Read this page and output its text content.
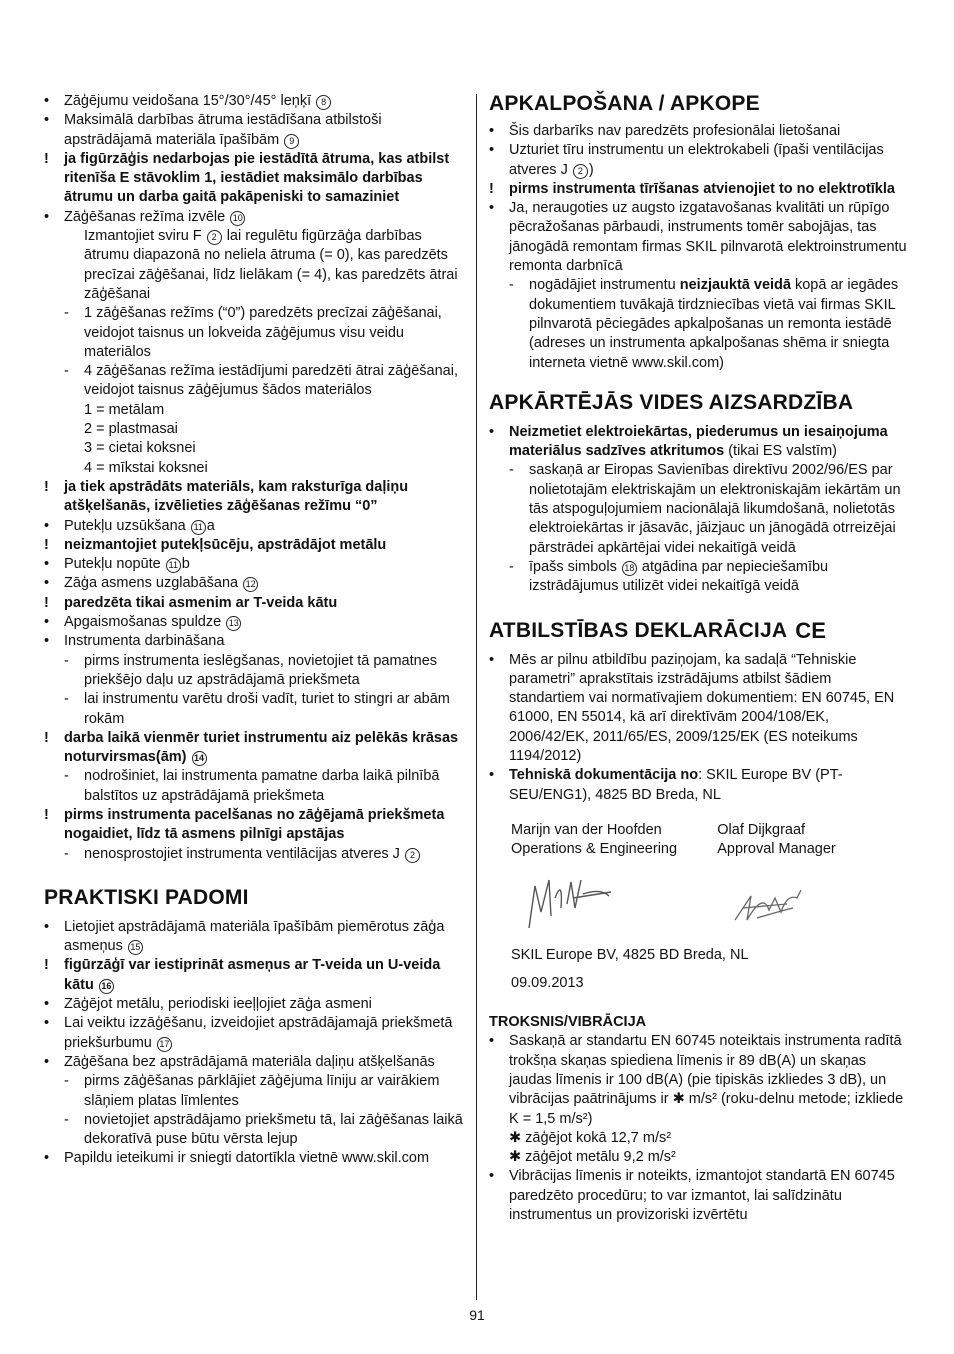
•	Zāģējumu veidošana 15°/30°/45° leņķī 8
•	Maksimālā darbības ātruma iestādīšana atbilstoši apstrādājamā materiāla īpašībām 9
!	ja figūrzāģis nedarbojas pie iestādītā ātruma, kas atbilst ritenīša E stāvoklim 1, iestādiet maksimālo darbības ātrumu un darba gaitā pakāpeniski to samaziniet
•	Zāģēšanas režīma izvēle 10
Izmantojiet sviru F 2 lai regulētu figūrzāģa darbības ātrumu diapazonā no neliela ātruma (= 0), kas paredzēts precīzai zāģēšanai, līdz lielākam (= 4), kas paredzēts ātrai zāģēšanai
-	1 zāģēšanas režīms (“0”) paredzēts precīzai zāģēšanai, veidojot taisnus un lokveida zāģējumus visu veidu materiālos
-	4 zāģēšanas režīma iestādījumi paredzēti ātrai zāģēšanai, veidojot taisnus zāģējumus šādos materiālos
1 = metālam
2 = plastmasai
3 = cietai koksnei
4 = mīkstai koksnei
!	ja tiek apstrādāts materiāls, kam raksturīga daļiņu atšķelšanās, izvēlieties zāģēšanas režīmu “0”
•	Putekļu uzsūkšana 11 a
!	neizmantojiet putekļsūcēju, apstrādājot metālu
•	Putekļu nopūte 11 b
•	Zāģa asmens uzglabāšana 12
!	paredzēta tikai asmenim ar T-veida kātu
•	Apgaismošanas spuldze 13
•	Instrumenta darbināšana
-	pirms instrumenta ieslēgšanas, novietojiet tā pamatnes priekšējo daļu uz apstrādājamā priekšmeta
-	lai instrumentu varētu droši vadīt, turiet to stingri ar abām rokām
!	darba laikā vienmēr turiet instrumentu aiz pelēkās krāsas noturvirsmas(ām) 14
-	nodrošiniet, lai instrumenta pamatne darba laikā pilnībā balstītos uz apstrādājamā priekšmeta
!	pirms instrumenta pacelšanas no zāģējamā priekšmeta nogaidiet, līdz tā asmens pilnīgi apstājas
-	nenosprostojiet instrumenta ventilācijas atveres J 2
PRAKTISKI PADOMI
•	Lietojiet apstrādājamā materiāla īpašībām piemērotus zāģa asmeņus 15
!	figūrzāģī var iestiprināt asmeņus ar T-veida un U-veida kātu 16
•	Zāģējot metālu, periodiski ieeļļojiet zāģa asmeni
•	Lai veiktu izzāģēšanu, izveidojiet apstrādājamajā priekšmetā priekšurbumu 17
•	Zāģēšana bez apstrādājamā materiāla daļiņu atšķelšanās
-	pirms zāģēšanas pārklājiet zāģējuma līniju ar vairākiem slāņiem platas līmlentes
-	novietojiet apstrādājamo priekšmetu tā, lai zāģēšanas laikā dekoratīvā puse būtu vērsta lejup
•	Papildu ieteikumi ir sniegti datortīkla vietnē www.skil.com
APKALPOŠANA / APKOPE
•	Šis darbarīks nav paredzēts profesionālai lietošanai
•	Uzturiet tīru instrumentu un elektrokabeli (īpaši ventilācijas atveres J 2 )
!	pirms instrumenta tīrīšanas atvienojiet to no elektrotīkla
•	Ja, neraugoties uz augsto izgatavošanas kvalitāti un rūpīgo pēcražošanas pārbaudi, instruments tomēr sabojājas, tas jānogādā remontam firmas SKIL pilnvarotā elektroinstrumentu remonta darbnīcā
-	nogādājiet instrumentu neizjauktā veidā kopā ar iegādes dokumentiem tuvākajā tirdzniecības vietā vai firmas SKIL pilnvarotā pēciegādes apkalpošanas un remonta iestādē (adreses un instrumenta apkalpošanas shēma ir sniegta interneta vietnē www.skil.com)
APKĀRTĒJĀS VIDES AIZSARDZĪBA
•	Neizmetiet elektroiekārtas, piederumus un iesaiņojuma materiālus sadzīves atkritumos (tikai ES valstīm)
-	saskaņā ar Eiropas Savienības direktīvu 2002/96/ES par nolietotajām elektriskajām un elektroniskajām iekārtām un tās atspoguļojumiem nacionālajā likumdošanā, nolietotās elektroiekārtas ir jāsavāc, jāizjauc un jānogādā otrreizējai pārstrādei apkārtējai videi nekaitīgā veidā
-	īpašs simbols 18 atgādina par nepieciešamību izstrādājumus utilizēt videi nekaitīgā veidā
ATBILSTĪBAS DEKLARĀCIJA CE
•	Mēs ar pilnu atbildību paziņojam, ka sadaļā “Tehniskie parametri” aprakstītais izstrādājums atbilst šādiem standartiem vai normatīvajiem dokumentiem: EN 60745, EN 61000, EN 55014, kā arī direktīvām 2004/108/EK, 2006/42/EK, 2011/65/ES, 2009/125/EK (ES noteikums 1194/2012)
•	Tehniskā dokumentācija no: SKIL Europe BV (PT-SEU/ENG1), 4825 BD Breda, NL
Marijn van der Hoofden
Operations & Engineering
Olaf Dijkgraaf
Approval Manager
SKIL Europe BV, 4825 BD Breda, NL
09.09.2013
TROKSNIS/VIBRĀCIJA
•	Saskaņā ar standartu EN 60745 noteiktais instrumenta radītā trokšņa skaņas spiediena līmenis ir 89 dB(A) un skaņas jaudas līmenis ir 100 dB(A) (pie tipiskās izkliedes 3 dB), un vibrācijas paātrinājums ir ✱ m/s² (roku-delnu metode; izkliede K = 1,5 m/s²)
✱ zāģējot kokā 12,7 m/s²
✱ zāģējot metālu 9,2 m/s²
•	Vibrācijas līmenis ir noteikts, izmantojot standartā EN 60745 paredzēto procedūru; to var izmantot, lai salīdzinātu instrumentus un provizoriski izvērtētu
91
